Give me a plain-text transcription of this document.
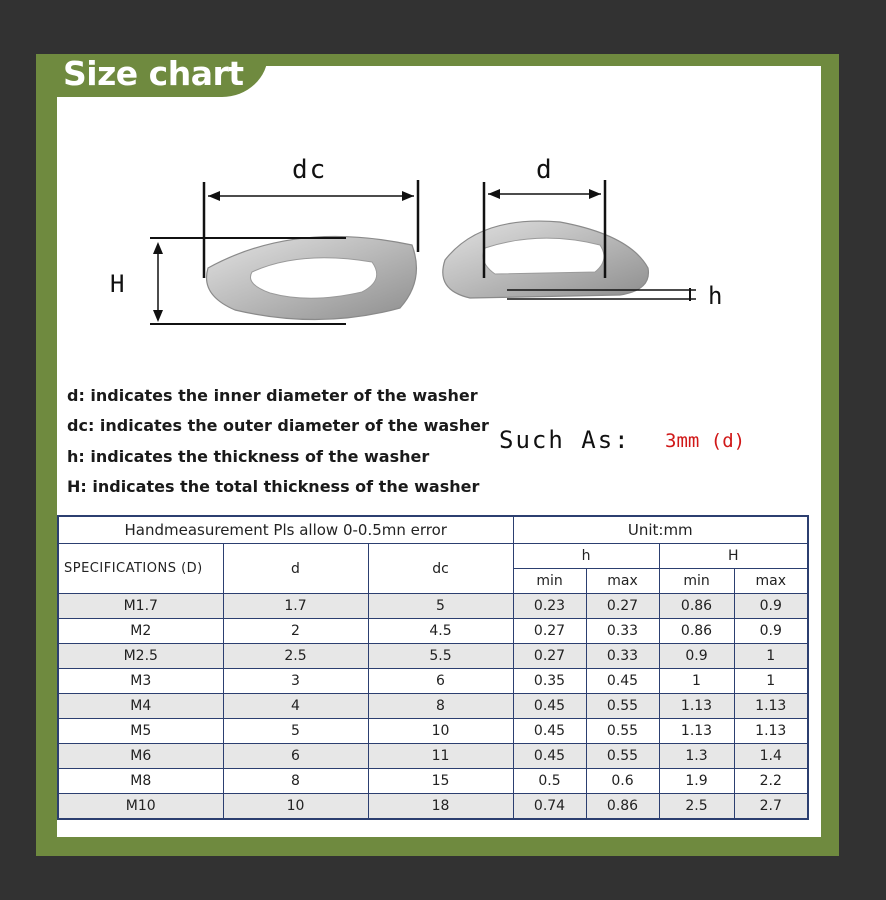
Size chart
dc	d
H	h
d: indicates the inner diameter of the washer
dc: indicates the outer diameter of the washer
h: indicates the thickness of the washer
H: indicates the total thickness of the washer
Such As: 3mm (d)
Handmeasurement Pls allow 0-0.5mn error			Unit:mm			
SPECIFICATIONS (D)	d	dc	h		H	
			min	max	min	max
M1.7	1.7	5	0.23	0.27	0.86	0.9
M2	2	4.5	0.27	0.33	0.86	0.9
M2.5	2.5	5.5	0.27	0.33	0.9	1
M3	3	6	0.35	0.45	1	1
M4	4	8	0.45	0.55	1.13	1.13
M5	5	10	0.45	0.55	1.13	1.13
M6	6	11	0.45	0.55	1.3	1.4
M8	8	15	0.5	0.6	1.9	2.2
M10	10	18	0.74	0.86	2.5	2.7
